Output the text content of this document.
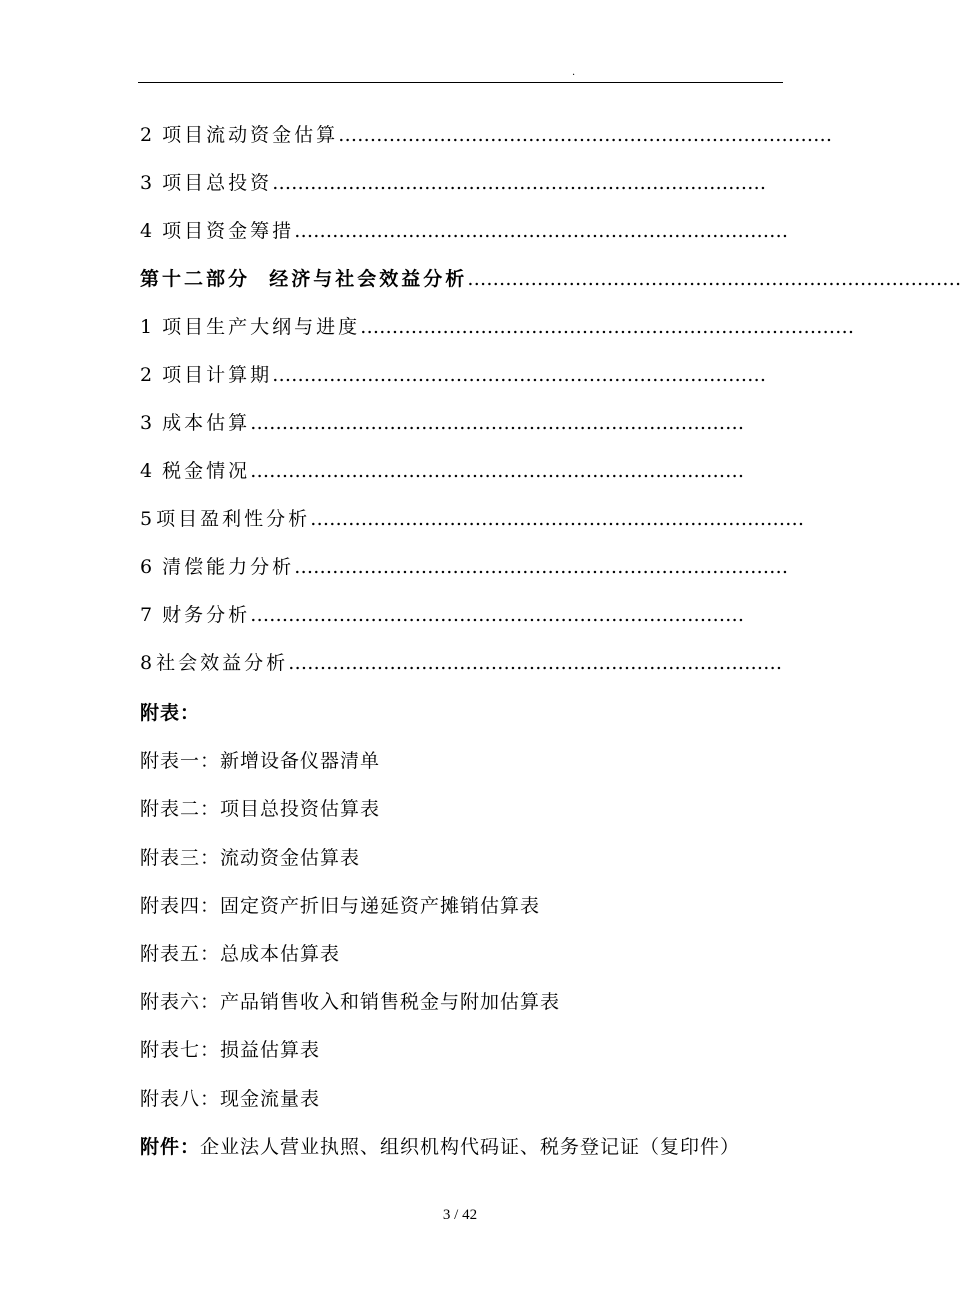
.
2 项目流动资金估算 ……………………………………………………………………
3 项目总投资 ……………………………………………………………………
4 项目资金筹措 ……………………………………………………………………
第十二部分  经济与社会效益分析 ……………………………………………………………………
1 项目生产大纲与进度 ……………………………………………………………………
2 项目计算期 ……………………………………………………………………
3 成本估算 ……………………………………………………………………
4 税金情况 ……………………………………………………………………
5 项目盈利性分析 ……………………………………………………………………
6 清偿能力分析 ……………………………………………………………………
7 财务分析 ……………………………………………………………………
8 社会效益分析 ……………………………………………………………………
附表：
附表一：新增设备仪器清单
附表二：项目总投资估算表
附表三：流动资金估算表
附表四：固定资产折旧与递延资产摊销估算表
附表五：总成本估算表
附表六：产品销售收入和销售税金与附加估算表
附表七：损益估算表
附表八：现金流量表
附件：企业法人营业执照、组织机构代码证、税务登记证（复印件）
3 / 42
